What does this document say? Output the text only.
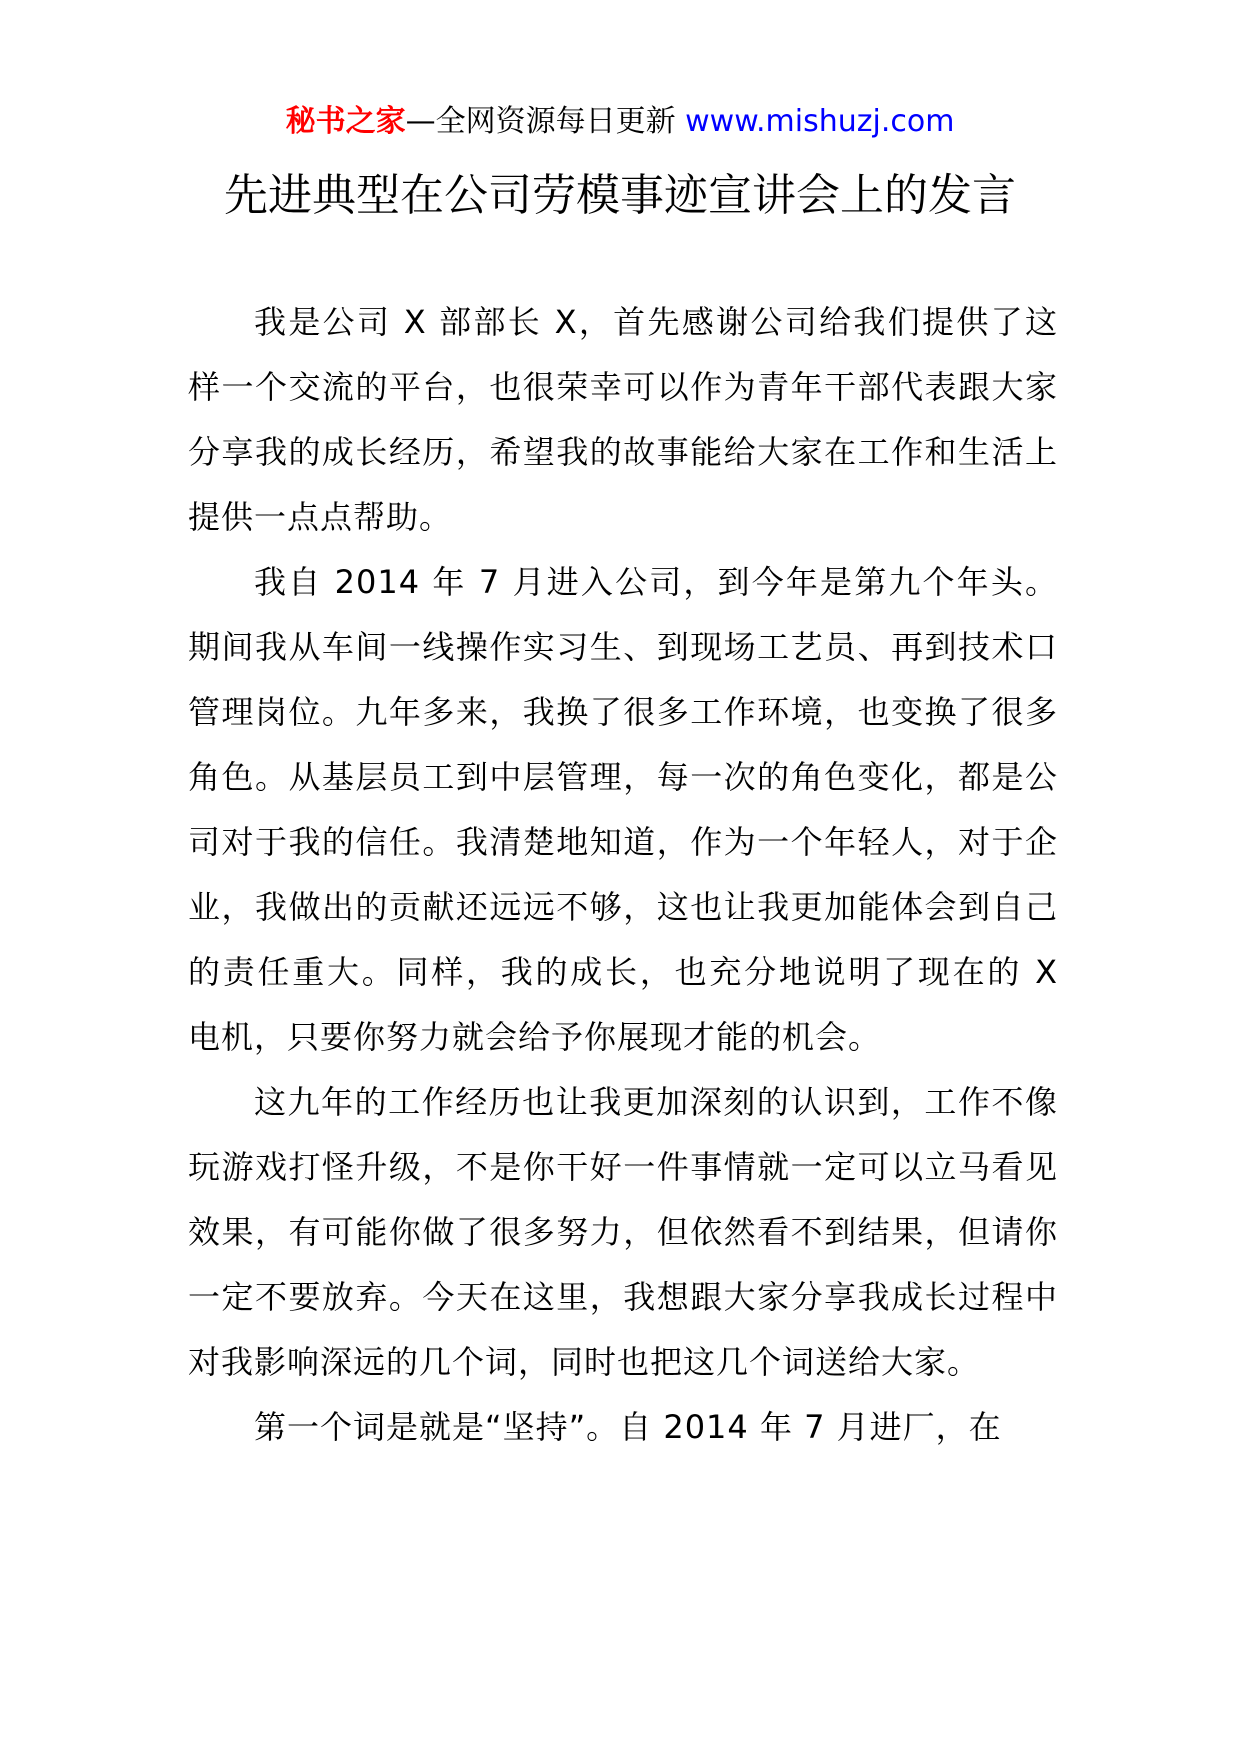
秘书之家—全网资源每日更新 www.mishuzj.com
先进典型在公司劳模事迹宣讲会上的发言

我是公司 X 部部长 X，首先感谢公司给我们提供了这样一个交流的平台，也很荣幸可以作为青年干部代表跟大家分享我的成长经历，希望我的故事能给大家在工作和生活上提供一点点帮助。

我自 2014 年 7 月进入公司，到今年是第九个年头。期间我从车间一线操作实习生、到现场工艺员、再到技术口管理岗位。九年多来，我换了很多工作环境，也变换了很多角色。从基层员工到中层管理，每一次的角色变化，都是公司对于我的信任。我清楚地知道，作为一个年轻人，对于企业，我做出的贡献还远远不够，这也让我更加能体会到自己的责任重大。同样，我的成长，也充分地说明了现在的 X 电机，只要你努力就会给予你展现才能的机会。

这九年的工作经历也让我更加深刻的认识到，工作不像玩游戏打怪升级，不是你干好一件事情就一定可以立马看见效果，有可能你做了很多努力，但依然看不到结果，但请你一定不要放弃。今天在这里，我想跟大家分享我成长过程中对我影响深远的几个词，同时也把这几个词送给大家。

第一个词是就是“坚持”。自 2014 年 7 月进厂，在
